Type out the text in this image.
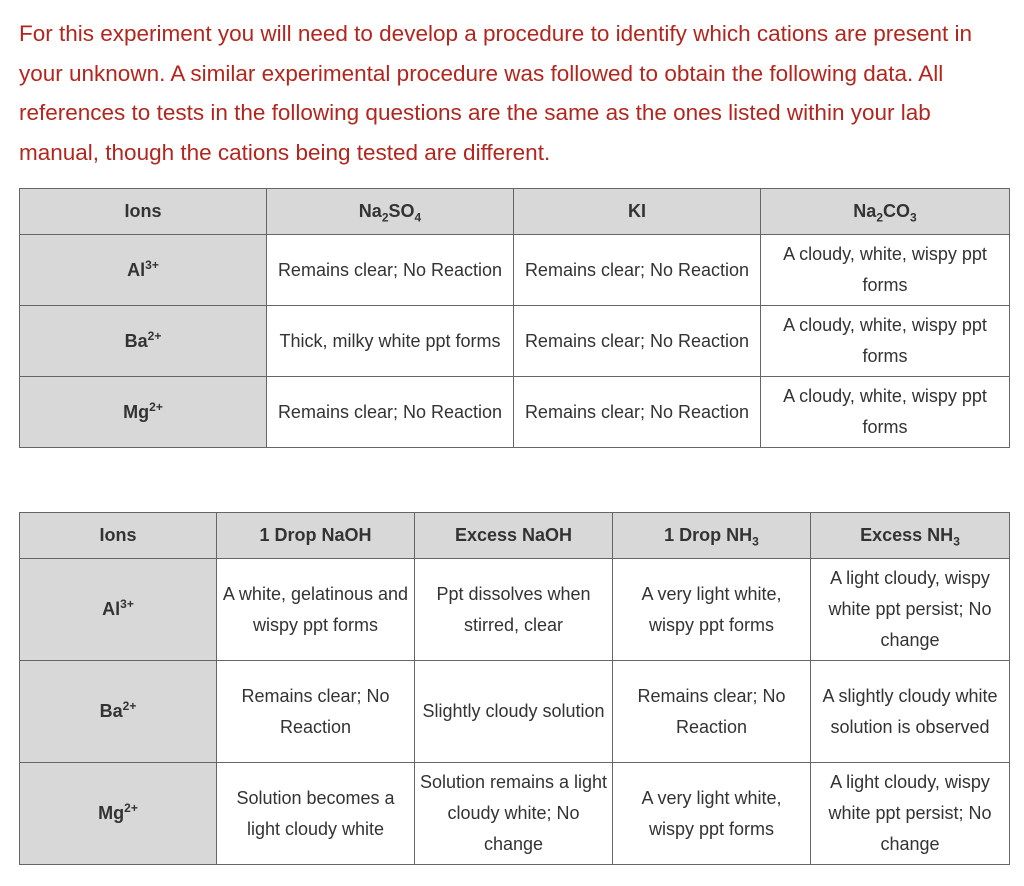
For this experiment you will need to develop a procedure to identify which cations are present in your unknown. A similar experimental procedure was followed to obtain the following data. All references to tests in the following questions are the same as the ones listed within your lab manual, though the cations being tested are different.

Ions	$Na_2SO_4$	KI	$Na_2CO_3$
$Al^{3+}$	Remains clear; No Reaction	Remains clear; No Reaction	A cloudy, white, wispy ppt forms
$Ba^{2+}$	Thick, milky white ppt forms	Remains clear; No Reaction	A cloudy, white, wispy ppt forms
$Mg^{2+}$	Remains clear; No Reaction	Remains clear; No Reaction	A cloudy, white, wispy ppt forms
Ions	1 Drop NaOH	Excess NaOH	1 Drop $NH_3$	Excess $NH_3$
$Al^{3+}$	A white, gelatinous and wispy ppt forms	Ppt dissolves when stirred, clear	A very light white, wispy ppt forms	A light cloudy, wispy white ppt persist; No change
$Ba^{2+}$	Remains clear; No Reaction	Slightly cloudy solution	Remains clear; No Reaction	A slightly cloudy white solution is observed
$Mg^{2+}$	Solution becomes a light cloudy white	Solution remains a light cloudy white; No change	A very light white, wispy ppt forms	A light cloudy, wispy white ppt persist; No change
